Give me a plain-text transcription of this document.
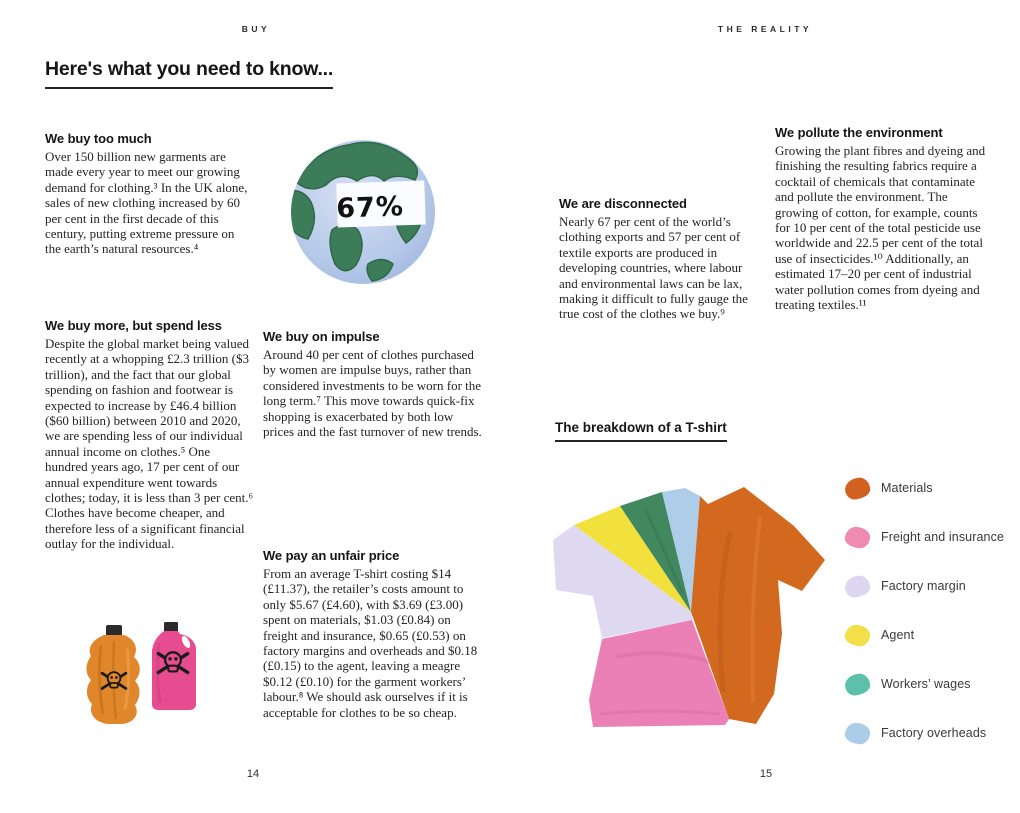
BUY	THE REALITY
Here's what you need to know...
We buy too much

Over 150 billion new garments are made every year to meet our growing demand for clothing.³ In the UK alone, sales of new clothing increased by 60 per cent in the first decade of this century, putting extreme pressure on the earth’s natural resources.⁴

We buy more, but spend less

Despite the global market being valued recently at a whopping £2.3 trillion ($3 trillion), and the fact that our global spending on fashion and footwear is expected to increase by £46.4 billion ($60 billion) between 2010 and 2020, we are spending less of our individual annual income on clothes.⁵ One hundred years ago, 17 per cent of our annual expenditure went towards clothes; today, it is less than 3 per cent.⁶ Clothes have become cheaper, and therefore less of a significant financial outlay for the individual.

We buy on impulse

Around 40 per cent of clothes purchased by women are impulse buys, rather than considered investments to be worn for the long term.⁷ This move towards quick-fix shopping is exacerbated by both low prices and the fast turnover of new trends.

We pay an unfair price

From an average T-shirt costing $14 (£11.37), the retailer’s costs amount to only $5.67 (£4.60), with $3.69 (£3.00) spent on materials, $1.03 (£0.84) on freight and insurance, $0.65 (£0.53) on factory margins and overheads and $0.18 (£0.15) to the agent, leaving a meagre $0.12 (£0.10) for the garment workers’ labour.⁸ We should ask ourselves if it is acceptable for clothes to be so cheap.

We are disconnected

Nearly 67 per cent of the world’s clothing exports and 57 per cent of textile exports are produced in developing countries, where labour and environmental laws can be lax, making it difficult to fully gauge the true cost of the clothes we buy.⁹

We pollute the environment

Growing the plant fibres and dyeing and finishing the resulting fabrics require a cocktail of chemicals that contaminate and pollute the environment. The growing of cotton, for example, counts for 10 per cent of the total pesticide use worldwide and 22.5 per cent of the total use of insecticides.¹⁰ Additionally, an estimated 17–20 per cent of industrial water pollution comes from dyeing and treating textiles.¹¹

The breakdown of a T-shirt
67%
Materials
Freight and insurance
Factory margin
Agent
Workers’ wages
Factory overheads
14	15
